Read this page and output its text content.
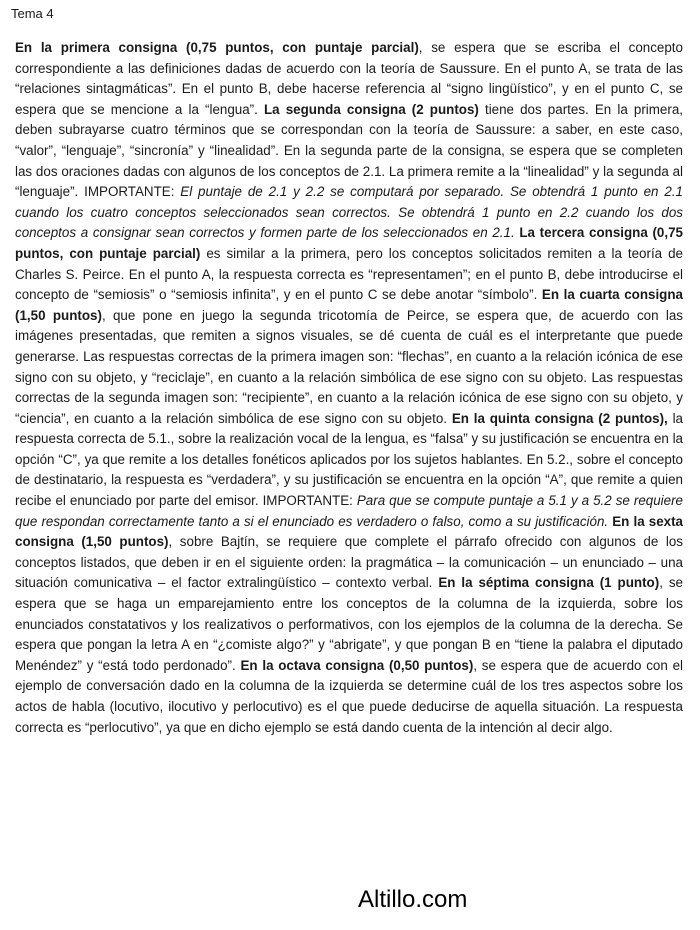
Tema 4

En la primera consigna (0,75 puntos, con puntaje parcial), se espera que se escriba el concepto correspondiente a las definiciones dadas de acuerdo con la teoría de Saussure. En el punto A, se trata de las “relaciones sintagmáticas”. En el punto B, debe hacerse referencia al “signo lingüístico”, y en el punto C, se espera que se mencione a la “lengua”. La segunda consigna (2 puntos) tiene dos partes. En la primera, deben subrayarse cuatro términos que se correspondan con la teoría de Saussure: a saber, en este caso, “valor”, “lenguaje”, “sincronía” y “linealidad”. En la segunda parte de la consigna, se espera que se completen las dos oraciones dadas con algunos de los conceptos de 2.1. La primera remite a la “linealidad” y la segunda al “lenguaje”. IMPORTANTE: El puntaje de 2.1 y 2.2 se computará por separado. Se obtendrá 1 punto en 2.1 cuando los cuatro conceptos seleccionados sean correctos. Se obtendrá 1 punto en 2.2 cuando los dos conceptos a consignar sean correctos y formen parte de los seleccionados en 2.1. La tercera consigna (0,75 puntos, con puntaje parcial) es similar a la primera, pero los conceptos solicitados remiten a la teoría de Charles S. Peirce. En el punto A, la respuesta correcta es “representamen”; en el punto B, debe introducirse el concepto de “semiosis” o “semiosis infinita”, y en el punto C se debe anotar “símbolo”. En la cuarta consigna (1,50 puntos), que pone en juego la segunda tricotomía de Peirce, se espera que, de acuerdo con las imágenes presentadas, que remiten a signos visuales, se dé cuenta de cuál es el interpretante que puede generarse. Las respuestas correctas de la primera imagen son: “flechas”, en cuanto a la relación icónica de ese signo con su objeto, y “reciclaje”, en cuanto a la relación simbólica de ese signo con su objeto. Las respuestas correctas de la segunda imagen son: “recipiente”, en cuanto a la relación icónica de ese signo con su objeto, y “ciencia”, en cuanto a la relación simbólica de ese signo con su objeto. En la quinta consigna (2 puntos), la respuesta correcta de 5.1., sobre la realización vocal de la lengua, es “falsa” y su justificación se encuentra en la opción “C”, ya que remite a los detalles fonéticos aplicados por los sujetos hablantes. En 5.2., sobre el concepto de destinatario, la respuesta es “verdadera”, y su justificación se encuentra en la opción “A”, que remite a quien recibe el enunciado por parte del emisor. IMPORTANTE: Para que se compute puntaje a 5.1 y a 5.2 se requiere que respondan correctamente tanto a si el enunciado es verdadero o falso, como a su justificación. En la sexta consigna (1,50 puntos), sobre Bajtín, se requiere que complete el párrafo ofrecido con algunos de los conceptos listados, que deben ir en el siguiente orden: la pragmática – la comunicación – un enunciado – una situación comunicativa – el factor extralingüístico – contexto verbal. En la séptima consigna (1 punto), se espera que se haga un emparejamiento entre los conceptos de la columna de la izquierda, sobre los enunciados constatativos y los realizativos o performativos, con los ejemplos de la columna de la derecha. Se espera que pongan la letra A en “¿comiste algo?” y “abrigate”, y que pongan B en “tiene la palabra el diputado Menéndez” y “está todo perdonado”. En la octava consigna (0,50 puntos), se espera que de acuerdo con el ejemplo de conversación dado en la columna de la izquierda se determine cuál de los tres aspectos sobre los actos de habla (locutivo, ilocutivo y perlocutivo) es el que puede deducirse de aquella situación. La respuesta correcta es “perlocutivo”, ya que en dicho ejemplo se está dando cuenta de la intención al decir algo.

Altillo.com
